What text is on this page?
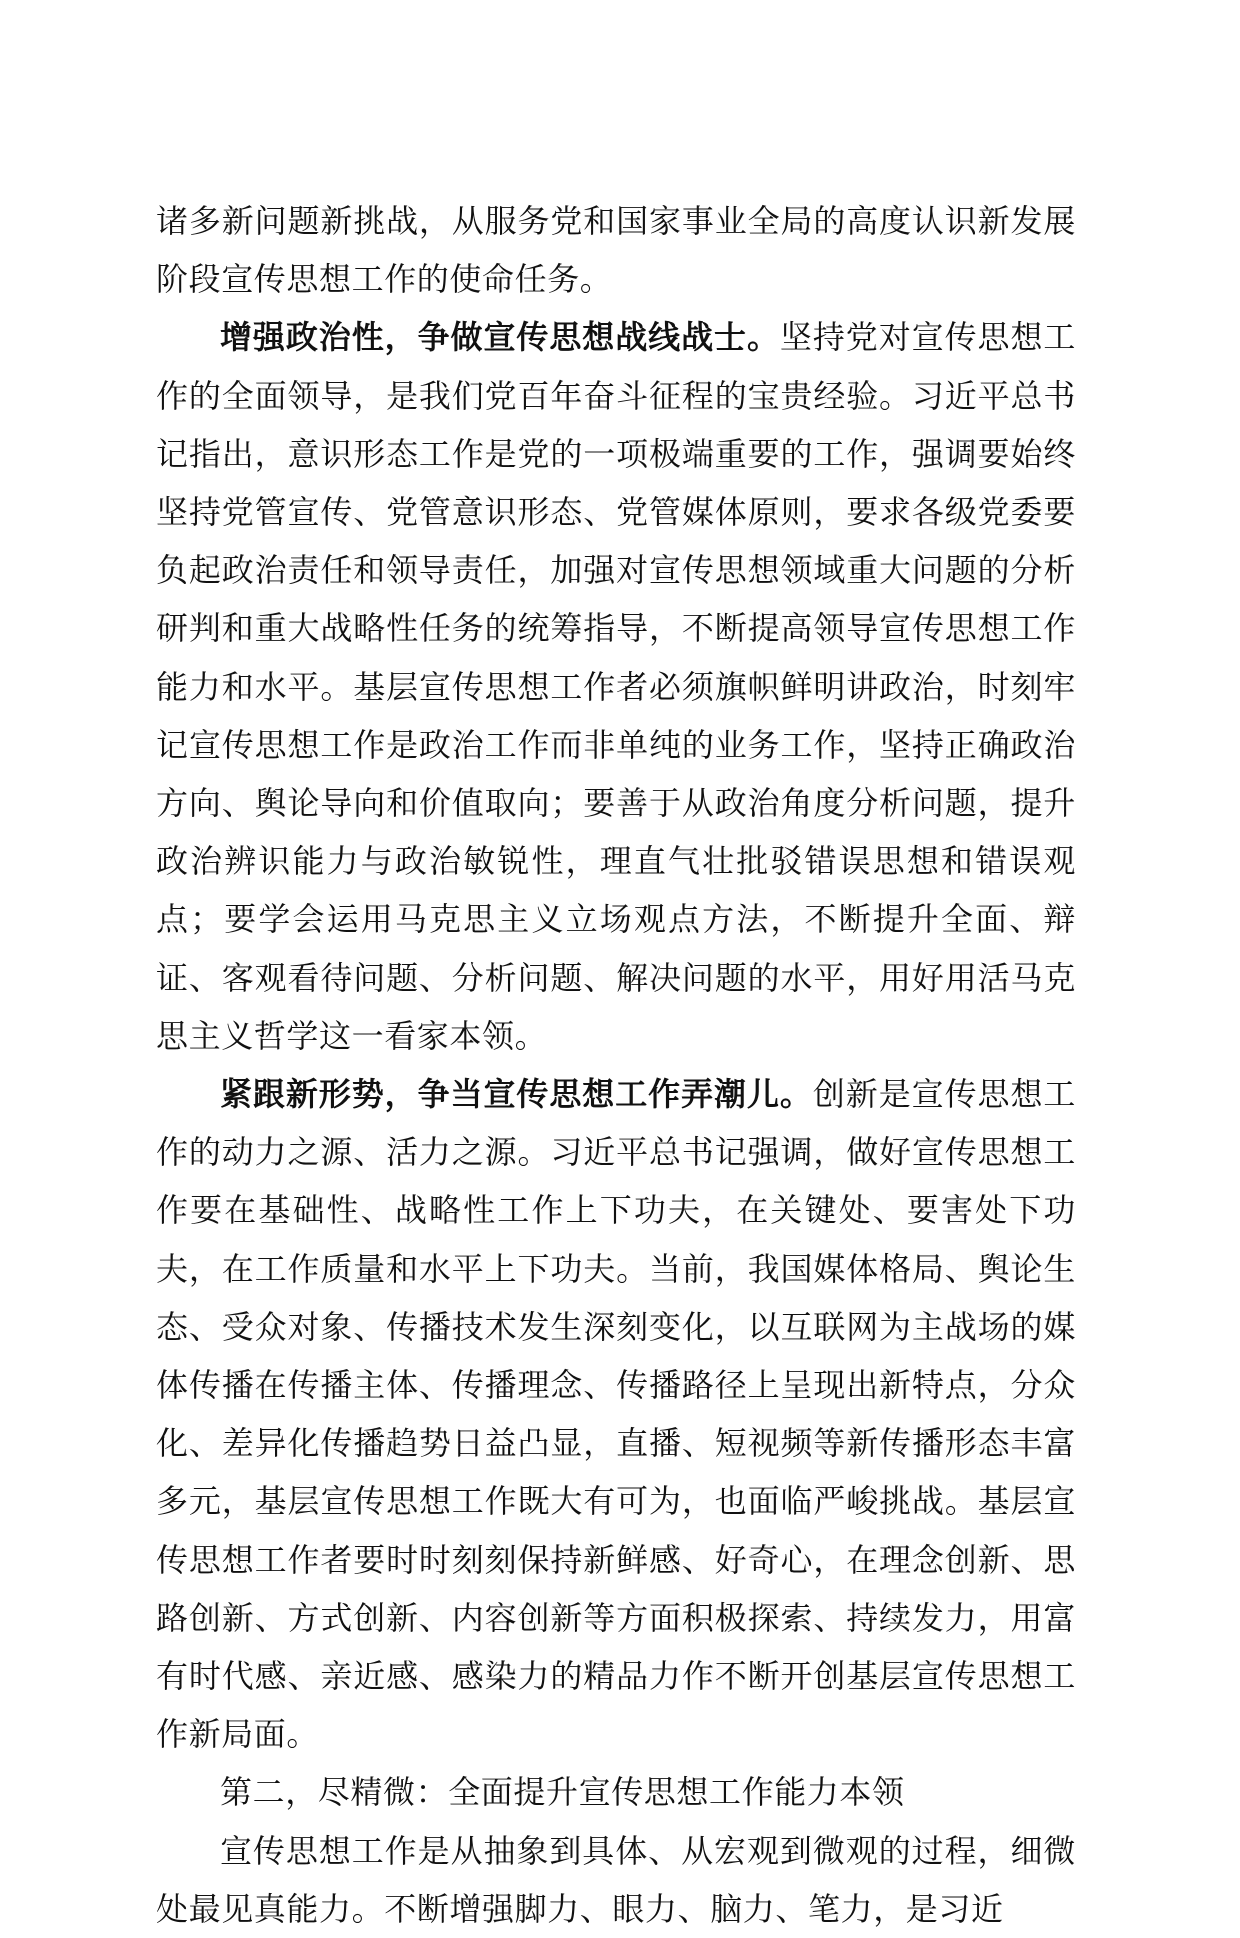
诸多新问题新挑战，从服务党和国家事业全局的高度认识新发展阶段宣传思想工作的使命任务。

增强政治性，争做宣传思想战线战士。坚持党对宣传思想工作的全面领导，是我们党百年奋斗征程的宝贵经验。习近平总书记指出，意识形态工作是党的一项极端重要的工作，强调要始终坚持党管宣传、党管意识形态、党管媒体原则，要求各级党委要负起政治责任和领导责任，加强对宣传思想领域重大问题的分析研判和重大战略性任务的统筹指导，不断提高领导宣传思想工作能力和水平。基层宣传思想工作者必须旗帜鲜明讲政治，时刻牢记宣传思想工作是政治工作而非单纯的业务工作，坚持正确政治方向、舆论导向和价值取向；要善于从政治角度分析问题，提升政治辨识能力与政治敏锐性，理直气壮批驳错误思想和错误观点；要学会运用马克思主义立场观点方法，不断提升全面、辩证、客观看待问题、分析问题、解决问题的水平，用好用活马克思主义哲学这一看家本领。

紧跟新形势，争当宣传思想工作弄潮儿。创新是宣传思想工作的动力之源、活力之源。习近平总书记强调，做好宣传思想工作要在基础性、战略性工作上下功夫，在关键处、要害处下功夫，在工作质量和水平上下功夫。当前，我国媒体格局、舆论生态、受众对象、传播技术发生深刻变化，以互联网为主战场的媒体传播在传播主体、传播理念、传播路径上呈现出新特点，分众化、差异化传播趋势日益凸显，直播、短视频等新传播形态丰富多元，基层宣传思想工作既大有可为，也面临严峻挑战。基层宣传思想工作者要时时刻刻保持新鲜感、好奇心，在理念创新、思路创新、方式创新、内容创新等方面积极探索、持续发力，用富有时代感、亲近感、感染力的精品力作不断开创基层宣传思想工作新局面。

第二，尽精微：全面提升宣传思想工作能力本领

宣传思想工作是从抽象到具体、从宏观到微观的过程，细微处最见真能力。不断增强脚力、眼力、脑力、笔力，是习近
